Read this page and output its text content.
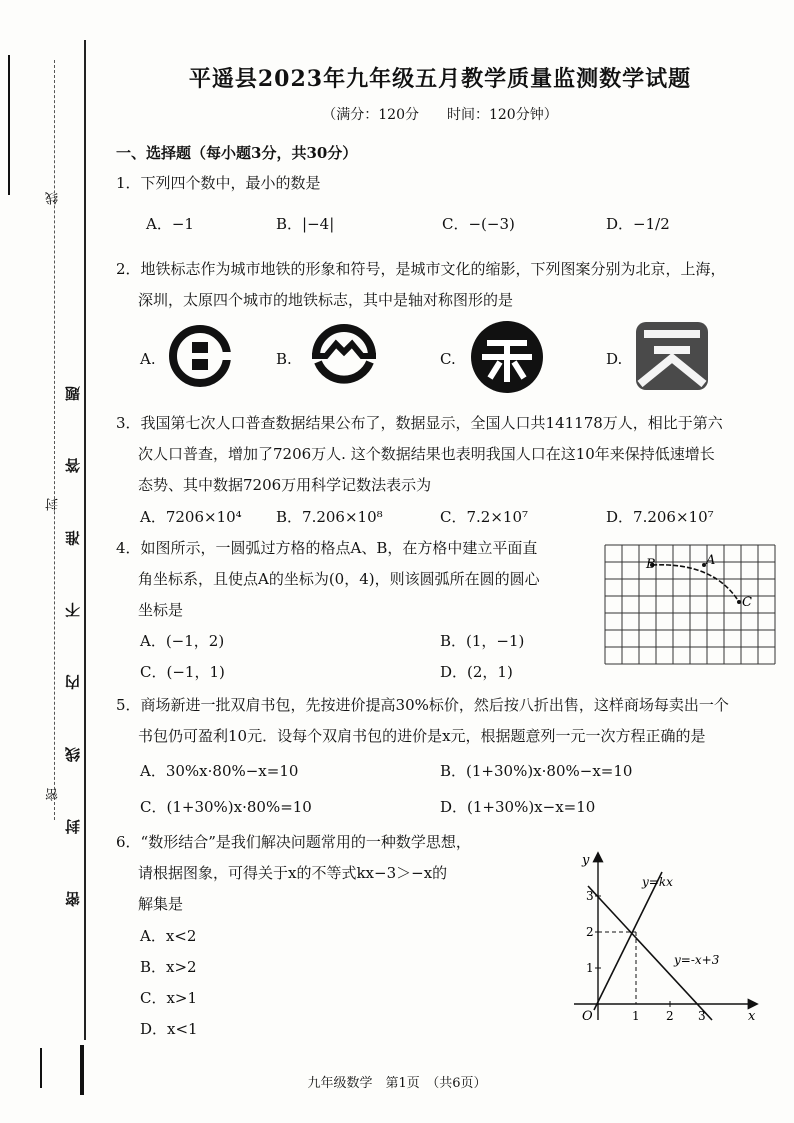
线
封
密 密 封 线 内 不 准 答 题
平遥县2023年九年级五月教学质量监测数学试题
（满分：120分　　时间：120分钟）
一、选择题（每小题3分，共30分）
1．下列四个数中，最小的数是
A．−1	B．|−4|	C．−(−3)	D．−1/2
2．地铁标志作为城市地铁的形象和符号，是城市文化的缩影，下列图案分别为北京，上海，
深圳，太原四个城市的地铁标志，其中是轴对称图形的是
A.	B.	C.	D.
3．我国第七次人口普查数据结果公布了，数据显示，全国人口共141178万人，相比于第六
次人口普查，增加了7206万人. 这个数据结果也表明我国人口在这10年来保持低速增长
态势、其中数据7206万用科学记数法表示为
A．7206×10⁴ B．7.206×10⁸	C．7.2×10⁷	D．7.206×10⁷
4．如图所示，一圆弧过方格的格点A、B，在方格中建立平面直
角坐标系，且使点A的坐标为(0，4)，则该圆弧所在圆的圆心
坐标是
A．(−1，2)	B．(1，−1)
C．(−1，1)	D．(2，1)
B	A
C
5．商场新进一批双肩书包，先按进价提高30%标价，然后按八折出售，这样商场每卖出一个
书包仍可盈利10元．设每个双肩书包的进价是x元，根据题意列一元一次方程正确的是
A．30%x·80%−x=10	B．(1+30%)x·80%−x=10
C．(1+30%)x·80%=10	D．(1+30%)x−x=10
6．“数形结合”是我们解决问题常用的一种数学思想，
请根据图象，可得关于x的不等式kx−3＞−x的
解集是
A．x<2
B．x>2
C．x>1
D．x<1
y
x
O	1 2 3
1
2
3
y=kx
y=-x+3
九年级数学　第1页　（共6页）
